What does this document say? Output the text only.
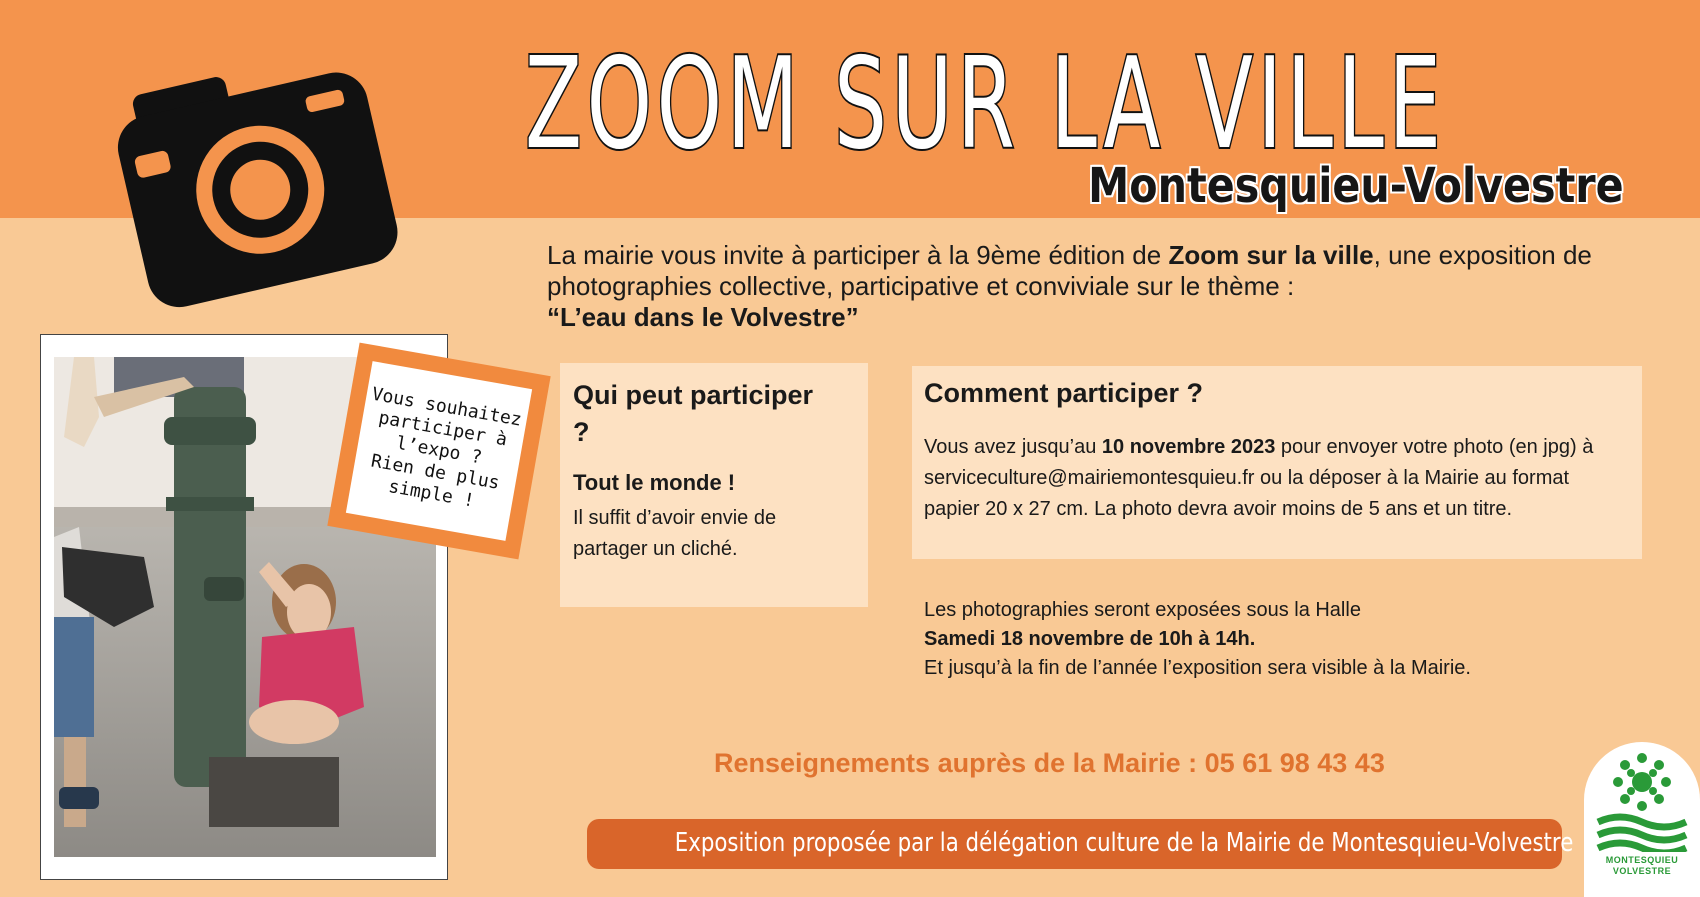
ZOOM SUR LA VILLE
Montesquieu-Volvestre

La mairie vous invite à participer à la 9ème édition de Zoom sur la ville, une exposition de photographies collective, participative et conviviale sur le thème :
“L’eau dans le Volvestre”

Vous souhaitez
participer à
l’expo ?
Rien de plus
simple !
Qui peut participer ?

Tout le monde !

Il suffit d’avoir envie de partager un cliché.

Comment participer ?

Vous avez jusqu’au 10 novembre 2023 pour envoyer votre photo (en jpg) à serviceculture@mairiemontesquieu.fr ou la déposer à la Mairie au format papier 20 x 27 cm. La photo devra avoir moins de 5 ans et un titre.

Les photographies seront exposées sous la Halle
Samedi 18 novembre de 10h à 14h.
Et jusqu’à la fin de l’année l’exposition sera visible à la Mairie.

Renseignements auprès de la Mairie : 05 61 98 43 43

Exposition proposée par la délégation culture de la Mairie de Montesquieu-Volvestre

MONTESQUIEU

VOLVESTRE
